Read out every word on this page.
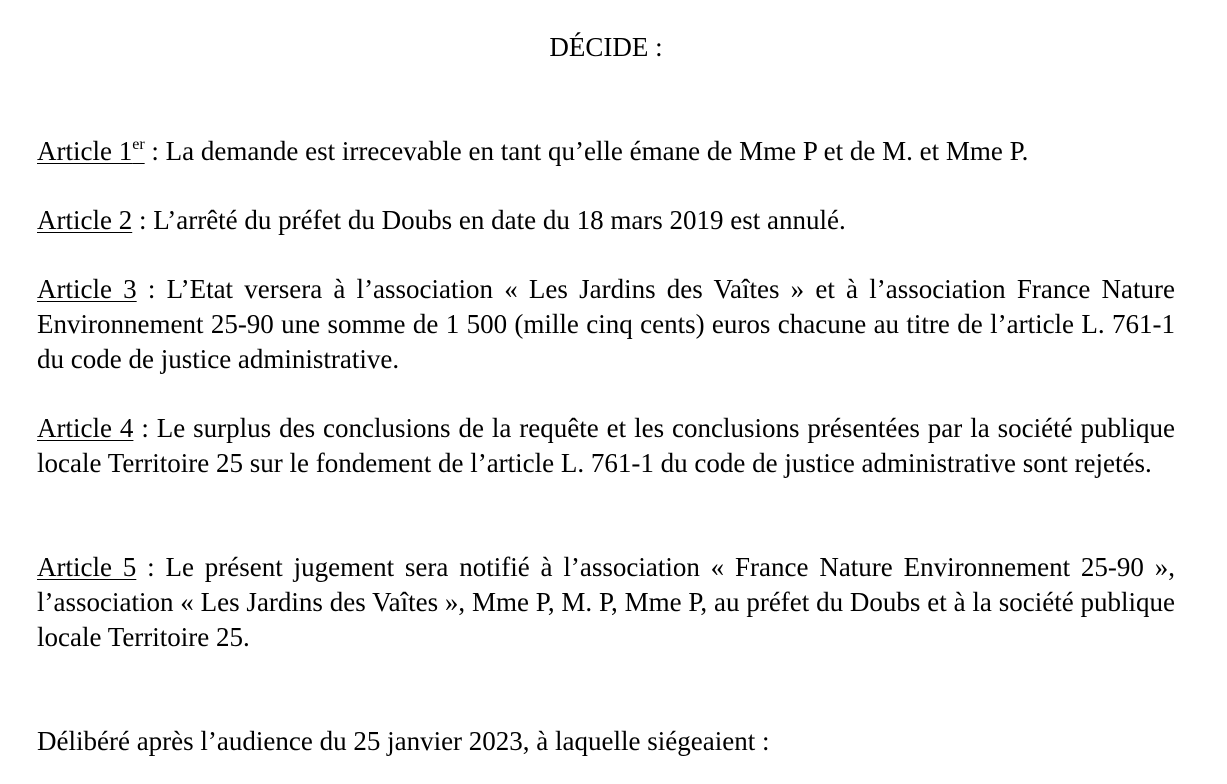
DÉCIDE :

Article 1er : La demande est irrecevable en tant qu’elle émane de Mme P et de M. et Mme P.

Article 2 : L’arrêté du préfet du Doubs en date du 18 mars 2019 est annulé.

Article 3 : L’Etat versera à l’association « Les Jardins des Vaîtes » et à l’association France Nature Environnement 25-90 une somme de 1 500 (mille cinq cents) euros chacune au titre de l’article L. 761-1 du code de justice administrative.

Article 4 : Le surplus des conclusions de la requête et les conclusions présentées par la société publique locale Territoire 25 sur le fondement de l’article L. 761-1 du code de justice administrative sont rejetés.

Article 5 : Le présent jugement sera notifié à l’association « France Nature Environnement 25-90 », l’association « Les Jardins des Vaîtes », Mme P, M. P, Mme P, au préfet du Doubs et à la société publique locale Territoire 25.

Délibéré après l’audience du 25 janvier 2023, à laquelle siégeaient :
